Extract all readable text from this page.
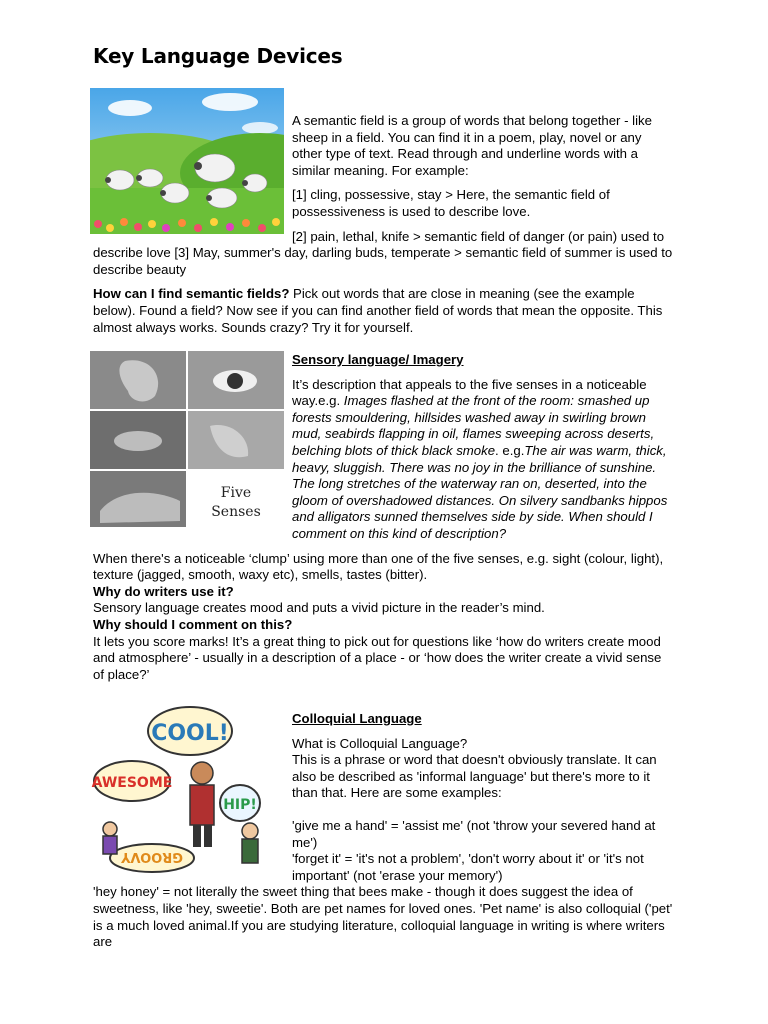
Key Language Devices

A semantic field is a group of words that belong together - like sheep in a field. You can find it in a poem, play, novel or any other type of text. Read through and underline words with a similar meaning. For example:

[1] cling, possessive, stay > Here, the semantic field of possessiveness is used to describe love.

[2] pain, lethal, knife > semantic field of danger (or pain) used to describe love [3] May, summer's day, darling buds, temperate > semantic field of summer is used to describe beauty

How can I find semantic fields? Pick out words that are close in meaning (see the example below). Found a field? Now see if you can find another field of words that mean the opposite. This almost always works. Sounds crazy? Try it for yourself.

Five
Senses

Sensory language/ Imagery

It’s description that appeals to the five senses in a noticeable way.e.g. Images flashed at the front of the room: smashed up forests smouldering, hillsides washed away in swirling brown mud, seabirds flapping in oil, flames sweeping across deserts, belching blots of thick black smoke. e.g.The air was warm, thick, heavy, sluggish. There was no joy in the brilliance of sunshine. The long stretches of the waterway ran on, deserted, into the gloom of overshadowed distances. On silvery sandbanks hippos and alligators sunned themselves side by side. When should I comment on this kind of description?

When there's a noticeable ‘clump’ using more than one of the five senses, e.g. sight (colour, light), texture (jagged, smooth, waxy etc), smells, tastes (bitter).

Why do writers use it?
Sensory language creates mood and puts a vivid picture in the reader’s mind.
Why should I comment on this?
It lets you score marks! It’s a great thing to pick out for questions like ‘how do writers create mood and atmosphere’ - usually in a description of a place - or ‘how does the writer create a vivid sense of place?’
COOL!
AWESOME
HIP!
GROOVY

Colloquial Language

What is Colloquial Language?

This is a phrase or word that doesn't obviously translate. It can also be described as 'informal language' but there's more to it than that. Here are some examples:

'give me a hand' = 'assist me' (not 'throw your severed hand at me')
'forget it' = 'it's not a problem', 'don't worry about it' or 'it's not important' (not 'erase your memory')
'hey honey' = not literally the sweet thing that bees make - though it does suggest the idea of sweetness, like 'hey, sweetie'. Both are pet names for loved ones. 'Pet name' is also colloquial ('pet' is a much loved animal.If you are studying literature, colloquial language in writing is where writers are
